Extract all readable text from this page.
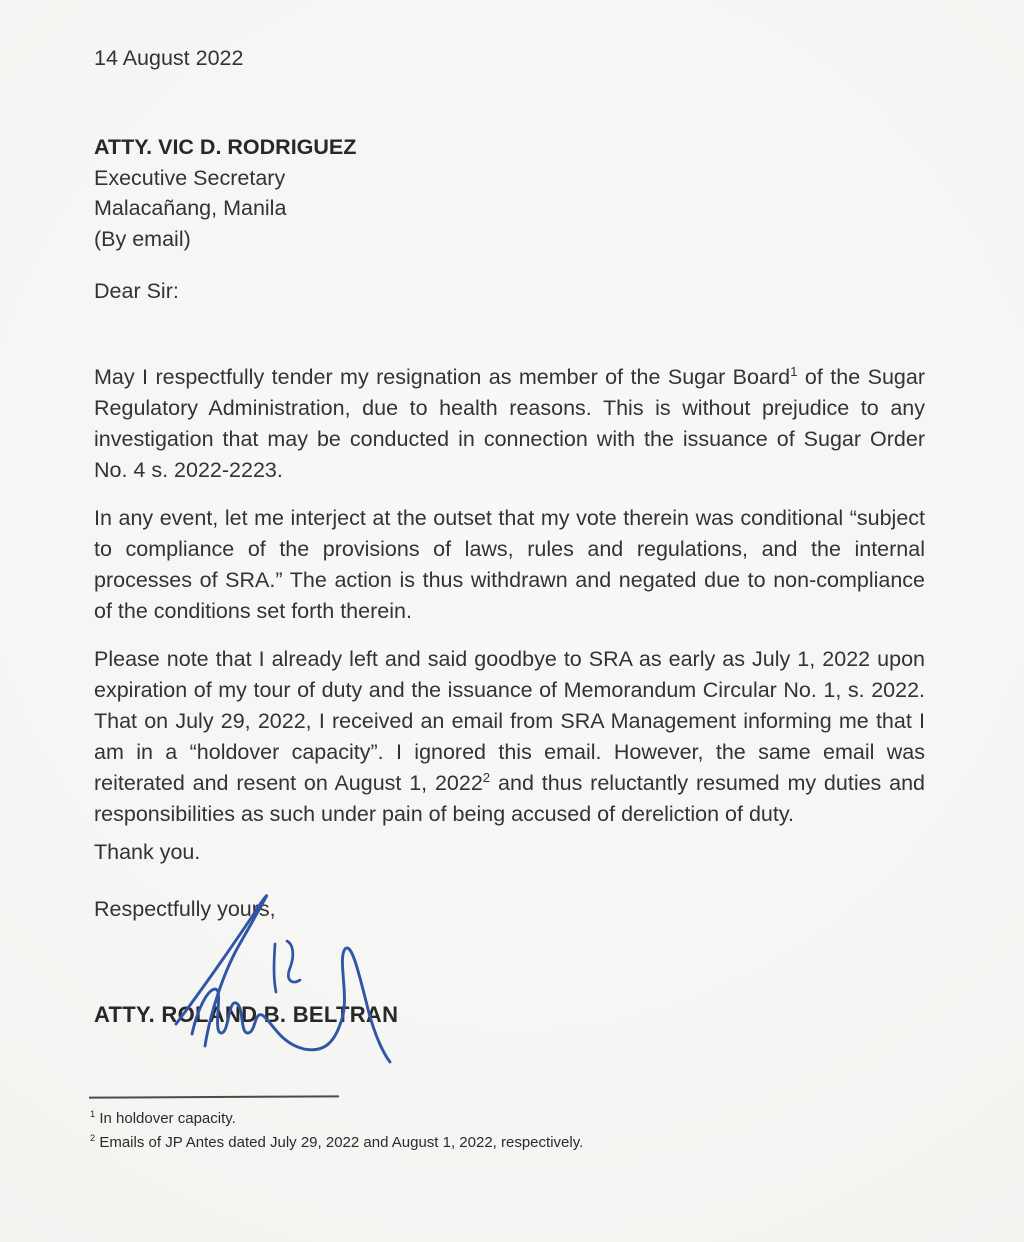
14 August 2022
ATTY. VIC D. RODRIGUEZ
Executive Secretary
Malacañang, Manila
(By email)
Dear Sir:

May I respectfully tender my resignation as member of the Sugar Board$^1$ of the Sugar Regulatory Administration, due to health reasons. This is without prejudice to any investigation that may be conducted in connection with the issuance of Sugar Order No. 4 s. 2022-2223.

In any event, let me interject at the outset that my vote therein was conditional “subject to compliance of the provisions of laws, rules and regulations, and the internal processes of SRA.” The action is thus withdrawn and negated due to non-compliance of the conditions set forth therein.

Please note that I already left and said goodbye to SRA as early as July 1, 2022 upon expiration of my tour of duty and the issuance of Memorandum Circular No. 1, s. 2022. That on July 29, 2022, I received an email from SRA Management informing me that I am in a “holdover capacity”. I ignored this email. However, the same email was reiterated and resent on August 1, 2022$^2$ and thus reluctantly resumed my duties and responsibilities as such under pain of being accused of dereliction of duty.

Thank you.
Respectfully yours,
ATTY. ROLAND B. BELTRAN
$^1$ In holdover capacity.
$^2$ Emails of JP Antes dated July 29, 2022 and August 1, 2022, respectively.
